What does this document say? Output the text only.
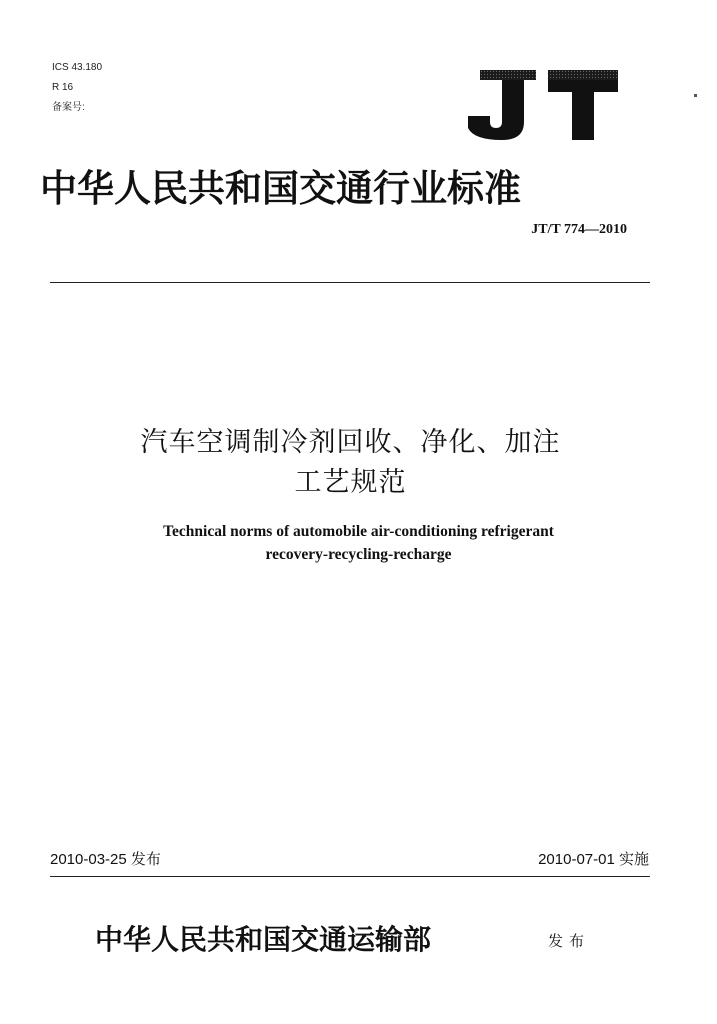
ICS 43.180
R 16
备案号:
中华人民共和国交通行业标准
JT/T 774—2010
汽车空调制冷剂回收、净化、加注
工艺规范
Technical norms of automobile air-conditioning refrigerant
recovery-recycling-recharge
2010-03-25 发布	2010-07-01 实施
中华人民共和国交通运输部	发布
